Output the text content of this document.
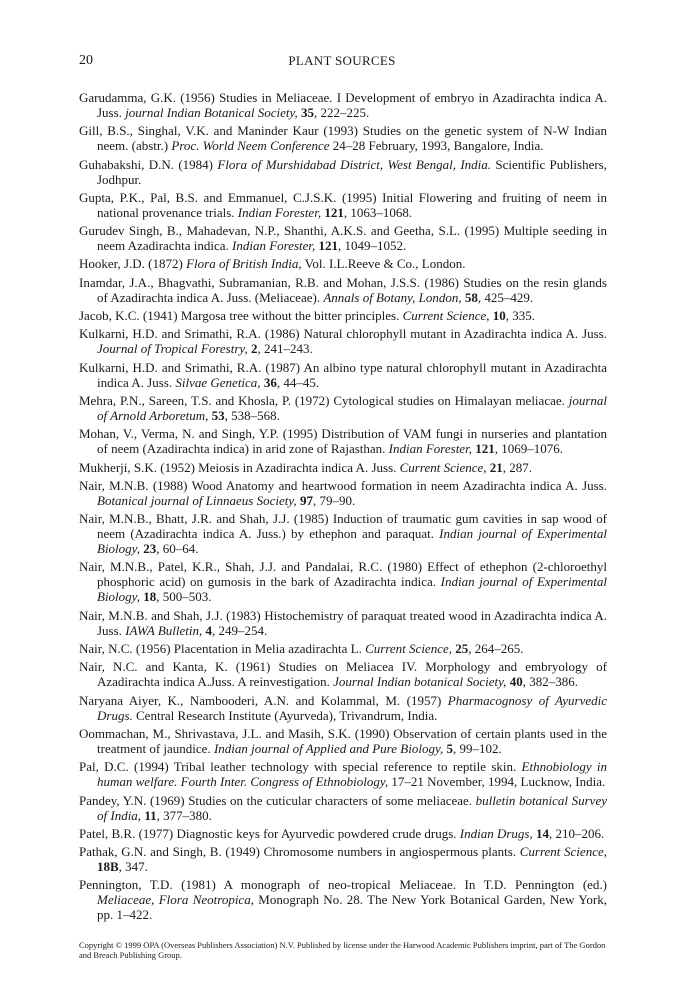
20	PLANT SOURCES
Garudamma, G.K. (1956) Studies in Meliaceae. I Development of embryo in Azadirachta indica A. Juss. journal Indian Botanical Society, 35, 222–225.
Gill, B.S., Singhal, V.K. and Maninder Kaur (1993) Studies on the genetic system of N-W Indian neem. (abstr.) Proc. World Neem Conference 24–28 February, 1993, Bangalore, India.
Guhabakshi, D.N. (1984) Flora of Murshidabad District, West Bengal, India. Scientific Publishers, Jodhpur.
Gupta, P.K., Pal, B.S. and Emmanuel, C.J.S.K. (1995) Initial Flowering and fruiting of neem in national provenance trials. Indian Forester, 121, 1063–1068.
Gurudev Singh, B., Mahadevan, N.P., Shanthi, A.K.S. and Geetha, S.L. (1995) Multiple seeding in neem Azadirachta indica. Indian Forester, 121, 1049–1052.
Hooker, J.D. (1872) Flora of British India, Vol. I.L.Reeve & Co., London.
Inamdar, J.A., Bhagvathi, Subramanian, R.B. and Mohan, J.S.S. (1986) Studies on the resin glands of Azadirachta indica A. Juss. (Meliaceae). Annals of Botany, London, 58, 425–429.
Jacob, K.C. (1941) Margosa tree without the bitter principles. Current Science, 10, 335.
Kulkarni, H.D. and Srimathi, R.A. (1986) Natural chlorophyll mutant in Azadirachta indica A. Juss. Journal of Tropical Forestry, 2, 241–243.
Kulkarni, H.D. and Srimathi, R.A. (1987) An albino type natural chlorophyll mutant in Azadirachta indica A. Juss. Silvae Genetica, 36, 44–45.
Mehra, P.N., Sareen, T.S. and Khosla, P. (1972) Cytological studies on Himalayan meliacae. journal of Arnold Arboretum, 53, 538–568.
Mohan, V., Verma, N. and Singh, Y.P. (1995) Distribution of VAM fungi in nurseries and plantation of neem (Azadirachta indica) in arid zone of Rajasthan. Indian Forester, 121, 1069–1076.
Mukherji, S.K. (1952) Meiosis in Azadirachta indica A. Juss. Current Science, 21, 287.
Nair, M.N.B. (1988) Wood Anatomy and heartwood formation in neem Azadirachta indica A. Juss. Botanical journal of Linnaeus Society, 97, 79–90.
Nair, M.N.B., Bhatt, J.R. and Shah, J.J. (1985) Induction of traumatic gum cavities in sap wood of neem (Azadirachta indica A. Juss.) by ethephon and paraquat. Indian journal of Experimental Biology, 23, 60–64.
Nair, M.N.B., Patel, K.R., Shah, J.J. and Pandalai, R.C. (1980) Effect of ethephon (2-chloroethyl phosphoric acid) on gumosis in the bark of Azadirachta indica. Indian journal of Experimental Biology, 18, 500–503.
Nair, M.N.B. and Shah, J.J. (1983) Histochemistry of paraquat treated wood in Azadirachta indica A. Juss. IAWA Bulletin, 4, 249–254.
Nair, N.C. (1956) Placentation in Melia azadirachta L. Current Science, 25, 264–265.
Nair, N.C. and Kanta, K. (1961) Studies on Meliacea IV. Morphology and embryology of Azadirachta indica A.Juss. A reinvestigation. Journal Indian botanical Society, 40, 382–386.
Naryana Aiyer, K., Nambooderi, A.N. and Kolammal, M. (1957) Pharmacognosy of Ayurvedic Drugs. Central Research Institute (Ayurveda), Trivandrum, India.
Oommachan, M., Shrivastava, J.L. and Masih, S.K. (1990) Observation of certain plants used in the treatment of jaundice. Indian journal of Applied and Pure Biology, 5, 99–102.
Pal, D.C. (1994) Tribal leather technology with special reference to reptile skin. Ethnobiology in human welfare. Fourth Inter. Congress of Ethnobiology, 17–21 November, 1994, Lucknow, India.
Pandey, Y.N. (1969) Studies on the cuticular characters of some meliaceae. bulletin botanical Survey of India, 11, 377–380.
Patel, B.R. (1977) Diagnostic keys for Ayurvedic powdered crude drugs. Indian Drugs, 14, 210–206.
Pathak, G.N. and Singh, B. (1949) Chromosome numbers in angiospermous plants. Current Science, 18B, 347.
Pennington, T.D. (1981) A monograph of neo-tropical Meliaceae. In T.D. Pennington (ed.) Meliaceae, Flora Neotropica, Monograph No. 28. The New York Botanical Garden, New York, pp. 1–422.
Copyright © 1999 OPA (Overseas Publishers Association) N.V. Published by license under the Harwood Academic Publishers imprint, part of The Gordon and Breach Publishing Group.
